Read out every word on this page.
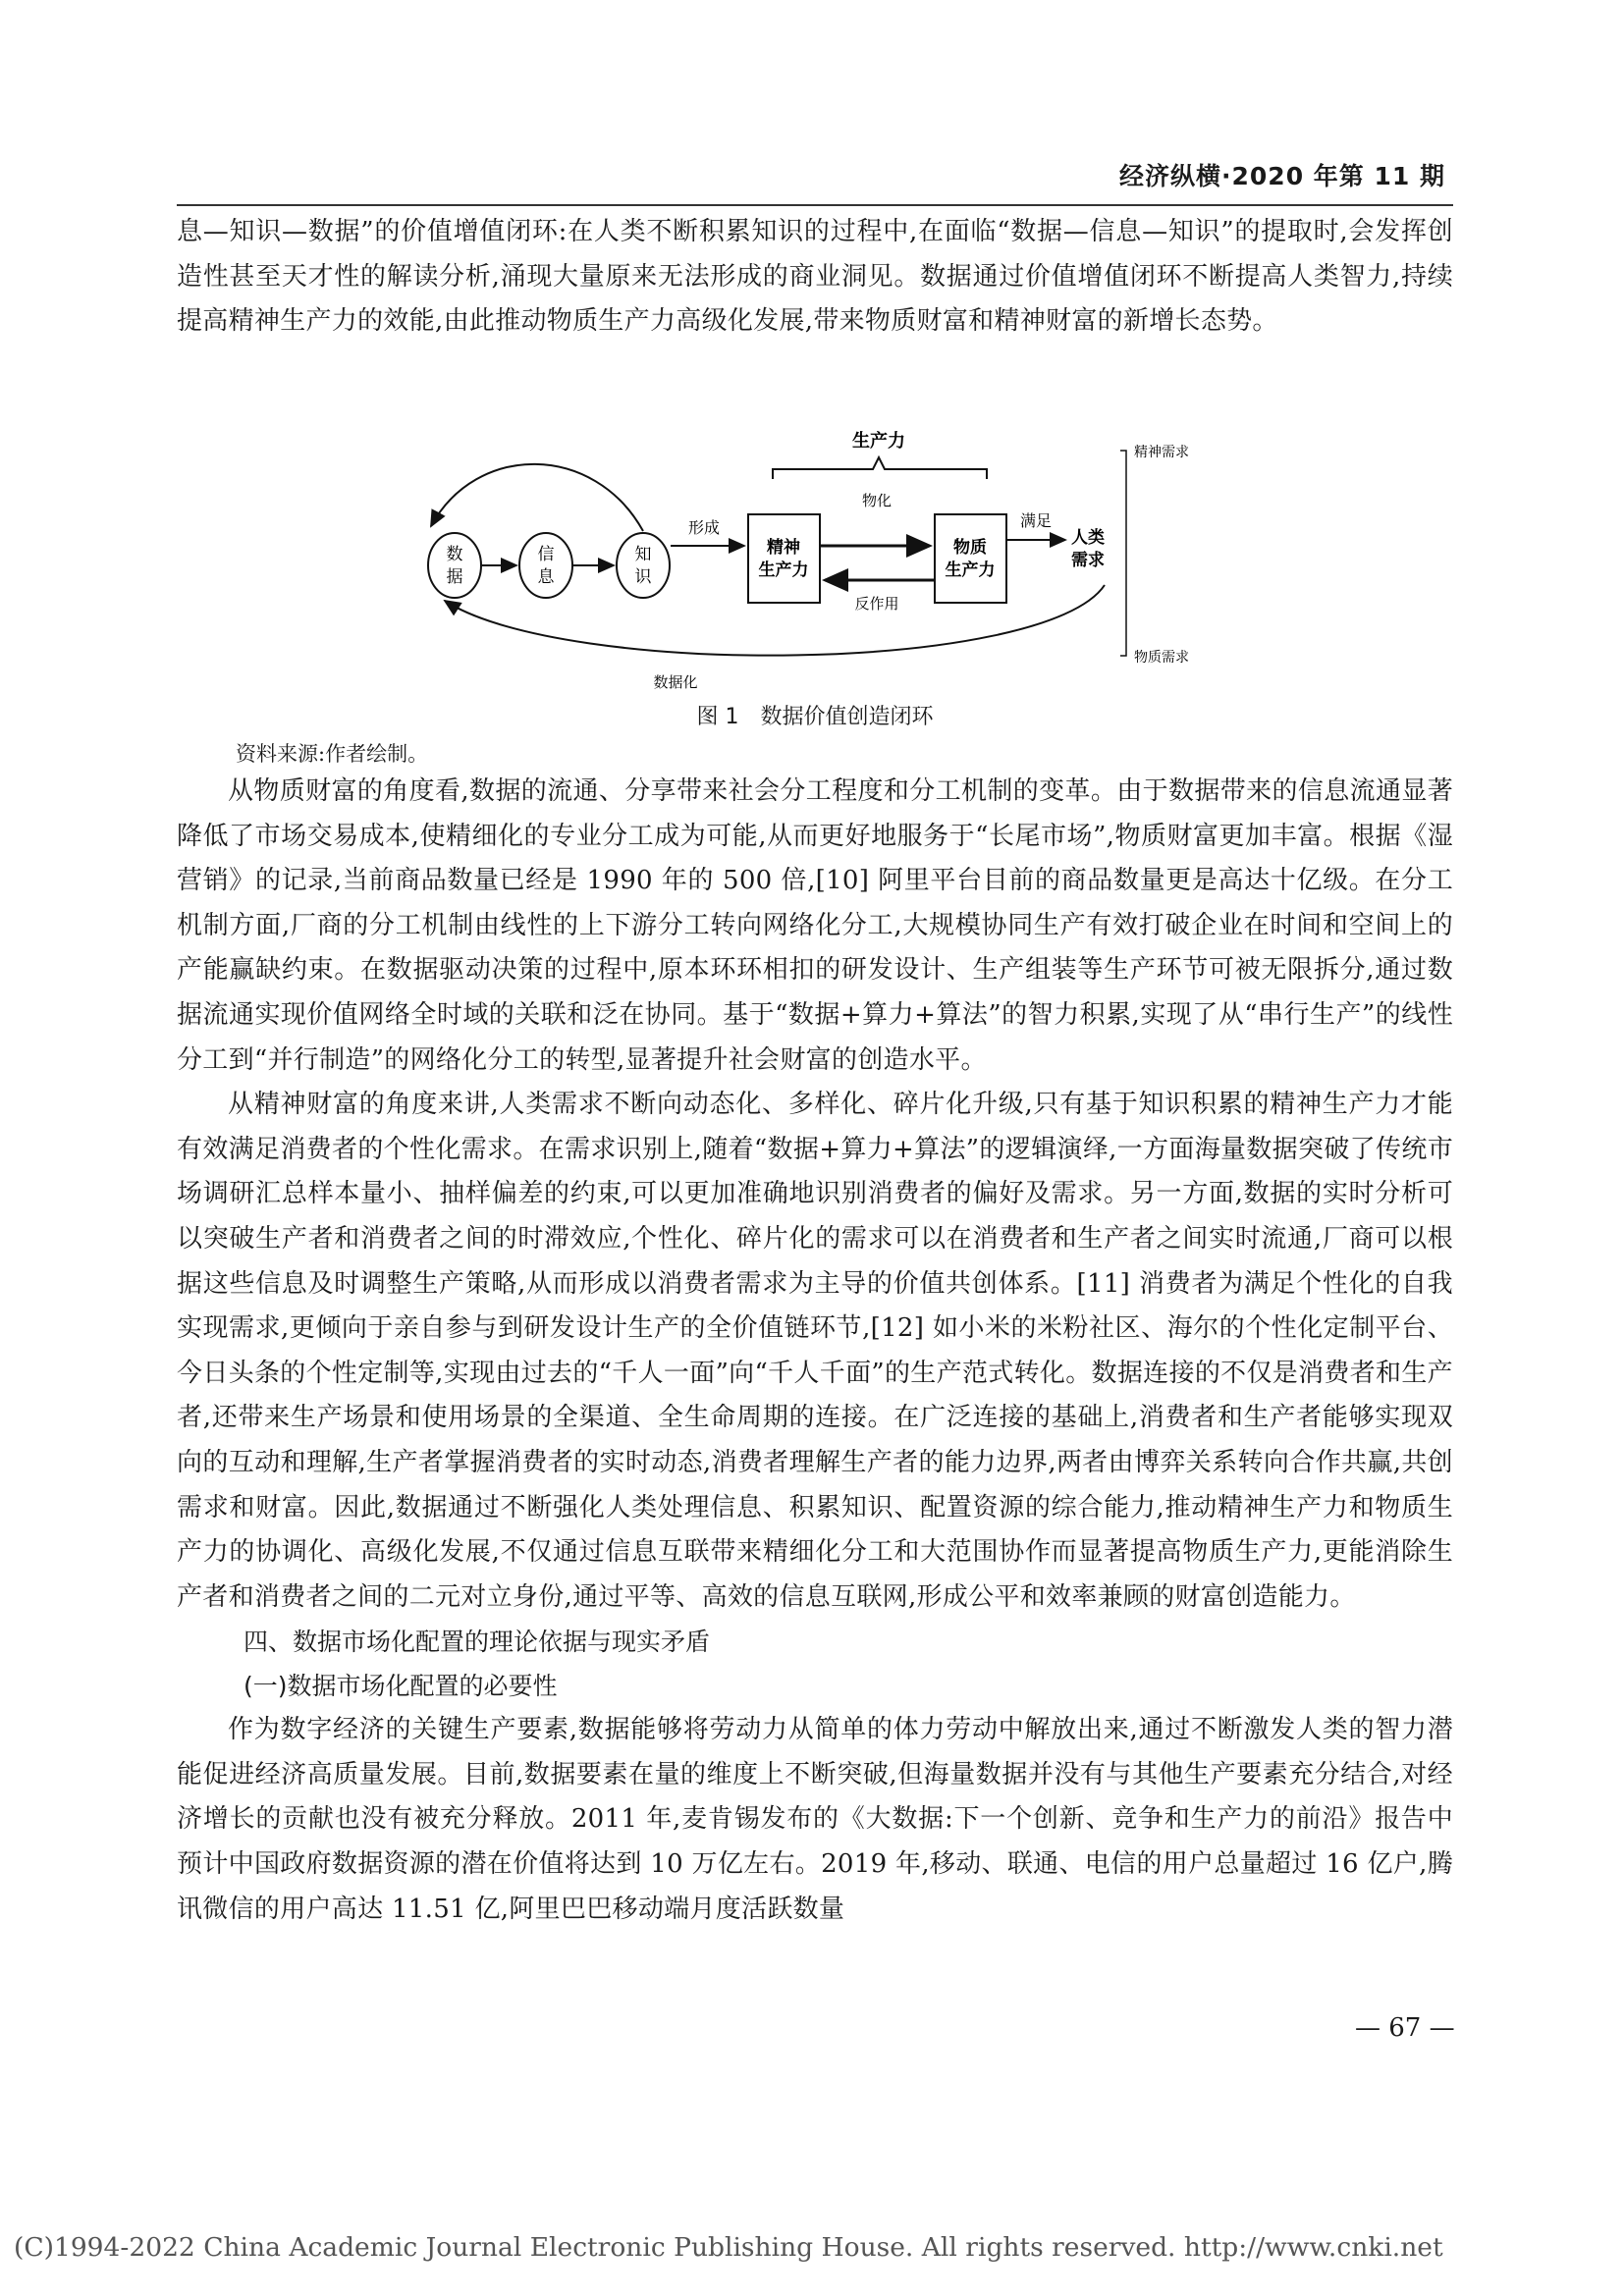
经济纵横·2020 年第 11 期

息—知识—数据”的价值增值闭环:在人类不断积累知识的过程中,在面临“数据—信息—知识”的提取时,会发挥创造性甚至天才性的解读分析,涌现大量原来无法形成的商业洞见。数据通过价值增值闭环不断提高人类智力,持续提高精神生产力的效能,由此推动物质生产力高级化发展,带来物质财富和精神财富的新增长态势。

数
据
信
息
知
识
形成
生产力
物化
精神
生产力
物质
生产力
反作用
满足
人类
需求
精神需求
物质需求
数据化
图 1　数据价值创造闭环

资料来源:作者绘制。

从物质财富的角度看,数据的流通、分享带来社会分工程度和分工机制的变革。由于数据带来的信息流通显著降低了市场交易成本,使精细化的专业分工成为可能,从而更好地服务于“长尾市场”,物质财富更加丰富。根据《湿营销》的记录,当前商品数量已经是 1990 年的 500 倍,[10] 阿里平台目前的商品数量更是高达十亿级。在分工机制方面,厂商的分工机制由线性的上下游分工转向网络化分工,大规模协同生产有效打破企业在时间和空间上的产能赢缺约束。在数据驱动决策的过程中,原本环环相扣的研发设计、生产组装等生产环节可被无限拆分,通过数据流通实现价值网络全时域的关联和泛在协同。基于“数据+算力+算法”的智力积累,实现了从“串行生产”的线性分工到“并行制造”的网络化分工的转型,显著提升社会财富的创造水平。

从精神财富的角度来讲,人类需求不断向动态化、多样化、碎片化升级,只有基于知识积累的精神生产力才能有效满足消费者的个性化需求。在需求识别上,随着“数据+算力+算法”的逻辑演绎,一方面海量数据突破了传统市场调研汇总样本量小、抽样偏差的约束,可以更加准确地识别消费者的偏好及需求。另一方面,数据的实时分析可以突破生产者和消费者之间的时滞效应,个性化、碎片化的需求可以在消费者和生产者之间实时流通,厂商可以根据这些信息及时调整生产策略,从而形成以消费者需求为主导的价值共创体系。[11] 消费者为满足个性化的自我实现需求,更倾向于亲自参与到研发设计生产的全价值链环节,[12] 如小米的米粉社区、海尔的个性化定制平台、今日头条的个性定制等,实现由过去的“千人一面”向“千人千面”的生产范式转化。数据连接的不仅是消费者和生产者,还带来生产场景和使用场景的全渠道、全生命周期的连接。在广泛连接的基础上,消费者和生产者能够实现双向的互动和理解,生产者掌握消费者的实时动态,消费者理解生产者的能力边界,两者由博弈关系转向合作共赢,共创需求和财富。因此,数据通过不断强化人类处理信息、积累知识、配置资源的综合能力,推动精神生产力和物质生产力的协调化、高级化发展,不仅通过信息互联带来精细化分工和大范围协作而显著提高物质生产力,更能消除生产者和消费者之间的二元对立身份,通过平等、高效的信息互联网,形成公平和效率兼顾的财富创造能力。

四、数据市场化配置的理论依据与现实矛盾
(一)数据市场化配置的必要性

作为数字经济的关键生产要素,数据能够将劳动力从简单的体力劳动中解放出来,通过不断激发人类的智力潜能促进经济高质量发展。目前,数据要素在量的维度上不断突破,但海量数据并没有与其他生产要素充分结合,对经济增长的贡献也没有被充分释放。2011 年,麦肯锡发布的《大数据:下一个创新、竞争和生产力的前沿》报告中预计中国政府数据资源的潜在价值将达到 10 万亿左右。2019 年,移动、联通、电信的用户总量超过 16 亿户,腾讯微信的用户高达 11.51 亿,阿里巴巴移动端月度活跃数量

— 67 —
(C)1994-2022 China Academic Journal Electronic Publishing House. All rights reserved. http://www.cnki.net
